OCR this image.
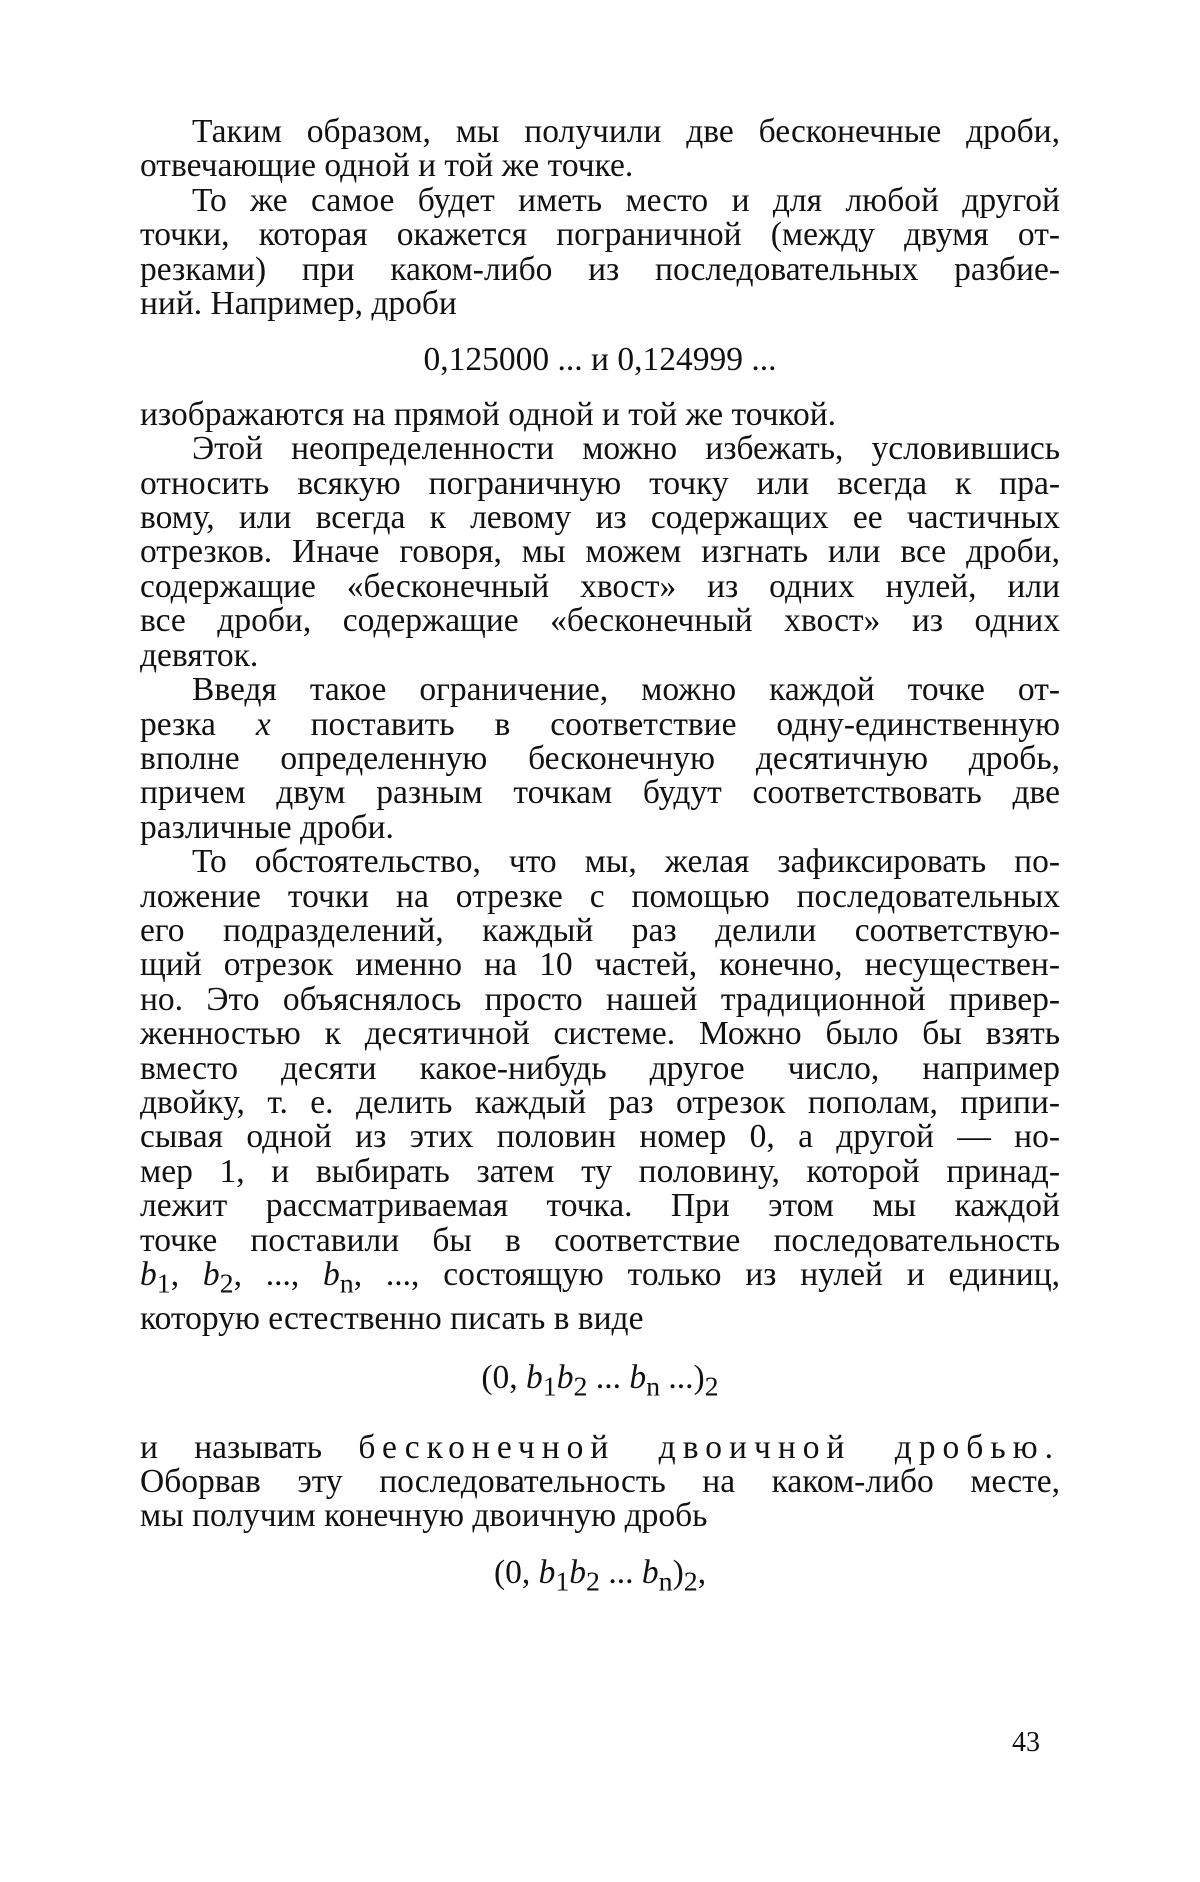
Таким образом, мы получили две бесконечные дроби,

отвечающие одной и той же точке.

То же самое будет иметь место и для любой другой

точки, которая окажется пограничной (между двумя от-

резками) при каком-либо из последовательных разбие-

ний. Например, дроби

0,125000 ... и 0,124999 ...

изображаются на прямой одной и той же точкой.

Этой неопределенности можно избежать, условившись

относить всякую пограничную точку или всегда к пра-

вому, или всегда к левому из содержащих ее частичных

отрезков. Иначе говоря, мы можем изгнать или все дроби,

содержащие «бесконечный хвост» из одних нулей, или

все дроби, содержащие «бесконечный хвост» из одних

девяток.

Введя такое ограничение, можно каждой точке от-

резка x поставить в соответствие одну-единственную

вполне определенную бесконечную десятичную дробь,

причем двум разным точкам будут соответствовать две

различные дроби.

То обстоятельство, что мы, желая зафиксировать по-

ложение точки на отрезке с помощью последовательных

его подразделений, каждый раз делили соответствую-

щий отрезок именно на 10 частей, конечно, несуществен-

но. Это объяснялось просто нашей традиционной привер-

женностью к десятичной системе. Можно было бы взять

вместо десяти какое-нибудь другое число, например

двойку, т. е. делить каждый раз отрезок пополам, припи-

сывая одной из этих половин номер 0, а другой — но-

мер 1, и выбирать затем ту половину, которой принад-

лежит рассматриваемая точка. При этом мы каждой

точке поставили бы в соответствие последовательность

$b_1$, $b_2$, ..., $b_n$, ..., состоящую только из нулей и единиц,

которую естественно писать в виде

(0, $b_1b_2$ ... $b_n$ $...)_2$

и называть бесконечной двоичной дробью.

Оборвав эту последовательность на каком-либо месте,

мы получим конечную двоичную дробь

(0, $b_1b_2$ ... $b_n)_2$,

43
